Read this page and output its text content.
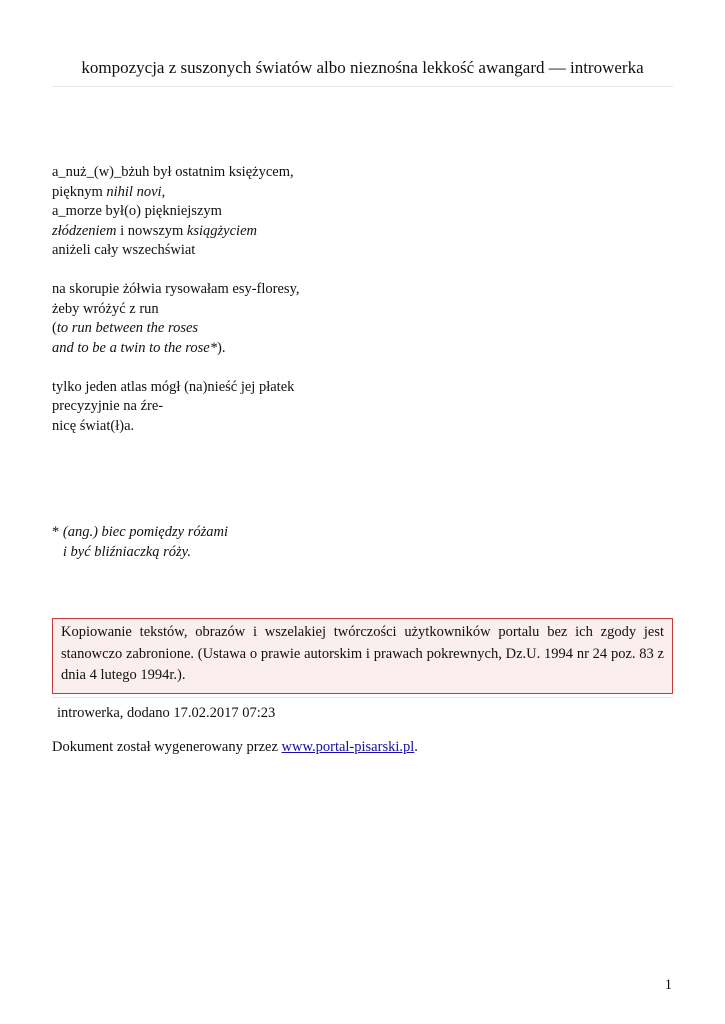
kompozycja z suszonych światów albo nieznośna lekkość awangard — introwerka
a_nuż_(w)_bżuh był ostatnim księżycem,
pięknym nihil novi,
a_morze był(o) piękniejszym
złódzeniem i nowszym ksiągżyciem
aniżeli cały wszechświat
na skorupie żółwia rysowałam esy-floresy,
żeby wróżyć z run
(to run between the roses
and to be a twin to the rose*).
tylko jeden atlas mógł (na)nieść jej płatek
precyzyjnie na źre-
nicę świat(ł)a.
* (ang.) biec pomiędzy różami
i być bliźniaczką róży.
Kopiowanie tekstów, obrazów i wszelakiej twórczości użytkowników portalu bez ich zgody jest stanowczo zabronione. (Ustawa o prawie autorskim i prawach pokrewnych, Dz.U. 1994 nr 24 poz. 83 z dnia 4 lutego 1994r.).
introwerka, dodano 17.02.2017 07:23
Dokument został wygenerowany przez www.portal-pisarski.pl.
1
